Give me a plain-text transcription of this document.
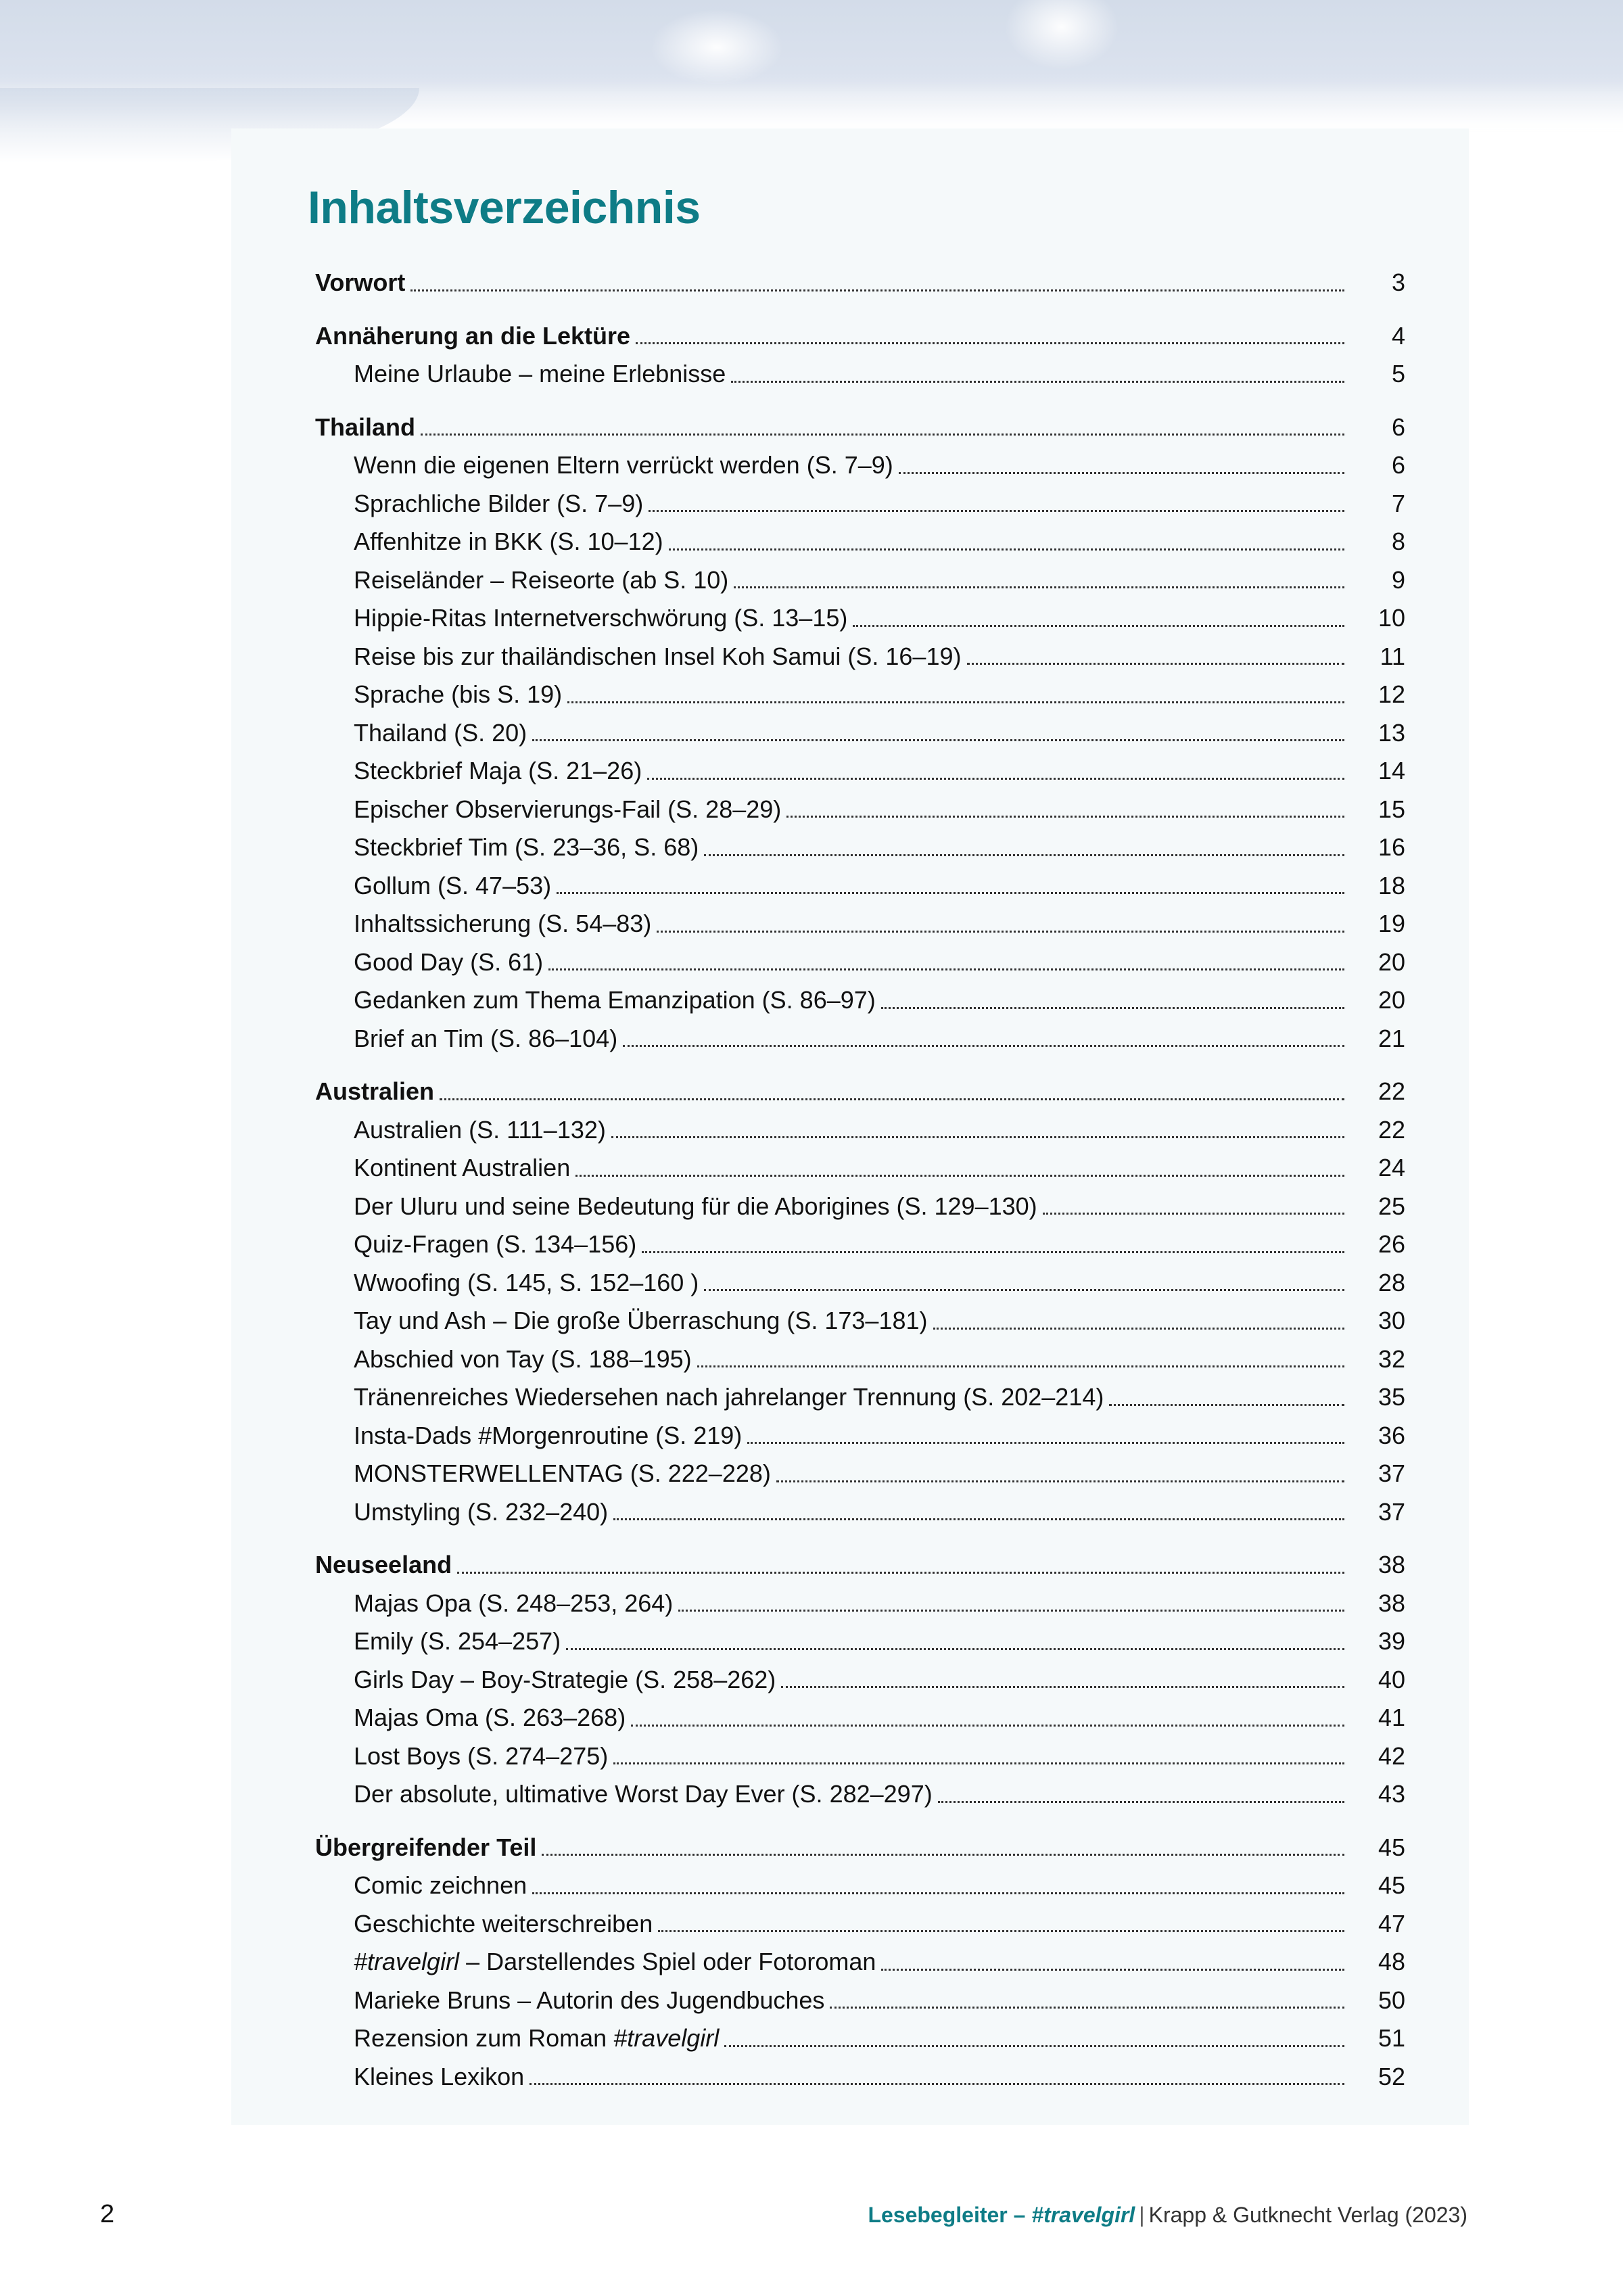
Inhaltsverzeichnis
Vorwort	3
Annäherung an die Lektüre	4
Meine Urlaube – meine Erlebnisse	5
Thailand	6
Wenn die eigenen Eltern verrückt werden (S. 7–9)	6
Sprachliche Bilder (S. 7–9)	7
Affenhitze in BKK (S. 10–12)	8
Reiseländer – Reiseorte (ab S. 10)	9
Hippie-Ritas Internetverschwörung (S. 13–15)	10
Reise bis zur thailändischen Insel Koh Samui (S. 16–19)	11
Sprache (bis S. 19)	12
Thailand (S. 20)	13
Steckbrief Maja (S. 21–26)	14
Epischer Observierungs-Fail (S. 28–29)	15
Steckbrief Tim (S. 23–36, S. 68)	16
Gollum (S. 47–53)	18
Inhaltssicherung (S. 54–83)	19
Good Day (S. 61)	20
Gedanken zum Thema Emanzipation (S. 86–97)	20
Brief an Tim (S. 86–104)	21
Australien	22
Australien (S. 111–132)	22
Kontinent Australien	24
Der Uluru und seine Bedeutung für die Aborigines (S. 129–130)	25
Quiz-Fragen (S. 134–156)	26
Wwoofing (S. 145, S. 152–160 )	28
Tay und Ash – Die große Überraschung (S. 173–181)	30
Abschied von Tay (S. 188–195)	32
Tränenreiches Wiedersehen nach jahrelanger Trennung (S. 202–214)	35
Insta-Dads #Morgenroutine (S. 219)	36
MONSTERWELLENTAG (S. 222–228)	37
Umstyling (S. 232–240)	37
Neuseeland	38
Majas Opa (S. 248–253, 264)	38
Emily (S. 254–257)	39
Girls Day – Boy-Strategie (S. 258–262)	40
Majas Oma (S. 263–268)	41
Lost Boys (S. 274–275)	42
Der absolute, ultimative Worst Day Ever (S. 282–297)	43
Übergreifender Teil	45
Comic zeichnen	45
Geschichte weiterschreiben	47
#travelgirl – Darstellendes Spiel oder Fotoroman	48
Marieke Bruns – Autorin des Jugendbuches	50
Rezension zum Roman #travelgirl	51
Kleines Lexikon	52
2	Lesebegleiter – #travelgirl | Krapp & Gutknecht Verlag (2023)
